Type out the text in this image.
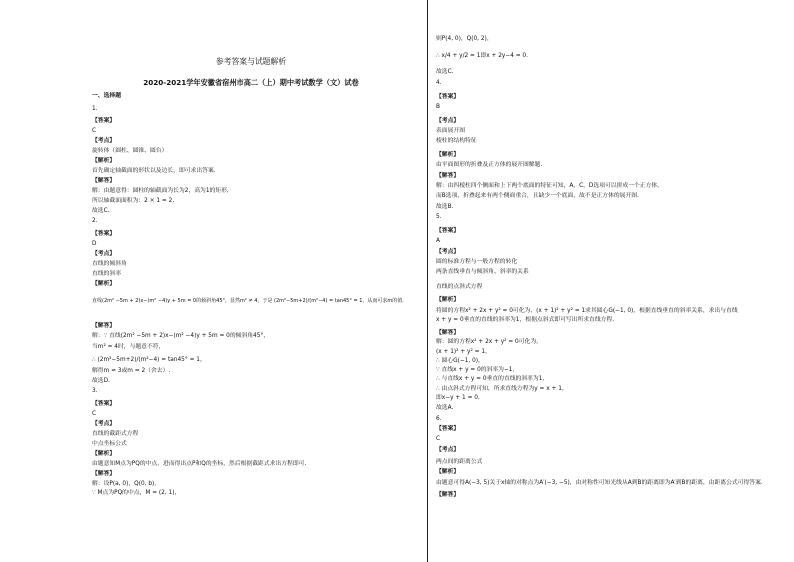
参考答案与试题解析
2020-2021学年安徽省宿州市高二（上）期中考试数学（文）试卷
一、选择题
1.
【答案】
C
【考点】
旋转体（圆柱、圆锥、圆台）
【解析】
首先确定轴截面的形状以及边长，即可求出答案.
【解答】
解：由题意得：圆柱的轴截面为长为2，高为1的矩形,
所以轴截面面积为：2 × 1 = 2.
故选C.
2.
【答案】
D
【考点】
直线的倾斜角
直线的斜率
【解析】
直线(2m² −5m + 2)x−(m² −4)y + 5m = 0的倾斜角45°，显然m² ≠ 4，于是 (2m²−5m+2)/(m²−4) = tan45° = 1，从而可求m的值.
【解答】
解：∵ 直线(2m² −5m + 2)x−(m² −4)y + 5m = 0的倾斜角45°，
当m² = 4时，与题意不符，
∴ (2m²−5m+2)/(m²−4) = tan45° = 1，
解得m = 3或m = 2（舍去）.
故选D.
3.
【答案】
C
【考点】
直线的截距式方程
中点坐标公式
【解析】
由题意知M点为PQ的中点，进而得出点P和Q的坐标，然后根据截距式求出方程即可.
【解答】
解：设P(a, 0)，Q(0, b)，
∵ M点为PQ的中点，M = (2, 1)，
则P(4, 0)，Q(0, 2)，
∴ x/4 + y/2 = 1即x + 2y−4 = 0.
故选C.
4.
【答案】
B
【考点】
表面展开图
棱柱的结构特征
【解析】
由平面图形的折叠及正方体的展开图解题.
【解答】
解：由四棱柱四个侧面和上下两个底面的特征可知，A，C，D选项可以拼成一个正方体，
而B选项，折叠起来有两个侧面重合，且缺少一个底面，故不是正方体的展开图.
故选B.
5.
【答案】
A
【考点】
圆的标准方程与一般方程的转化
两条直线垂直与倾斜角、斜率的关系
直线的点斜式方程
【解析】
将圆的方程x² + 2x + y² = 0可化为，(x + 1)² + y² = 1求其圆心G(−1, 0)，根据直线垂直的斜率关系，求出与直线
x + y = 0垂直的直线的斜率为1，根据点斜式即可写出所求直线方程.
【解答】
解：圆的方程x² + 2x + y² = 0可化为，
(x + 1)² + y² = 1，
∴ 圆心G(−1, 0)，
∵ 直线x + y = 0的斜率为−1，
∴ 与直线x + y = 0垂直的直线的斜率为1，
∴ 由点斜式方程可知，所求直线方程为y = x + 1，
即x−y + 1 = 0.
故选A.
6.
【答案】
C
【考点】
两点间的距离公式
【解析】
由题意可得A(−3, 5)关于x轴的对称点为A′(−3, −5)，由对称性可知光线从A到B的距离即为A′到B的距离，由距离公式可得答案.
【解答】
